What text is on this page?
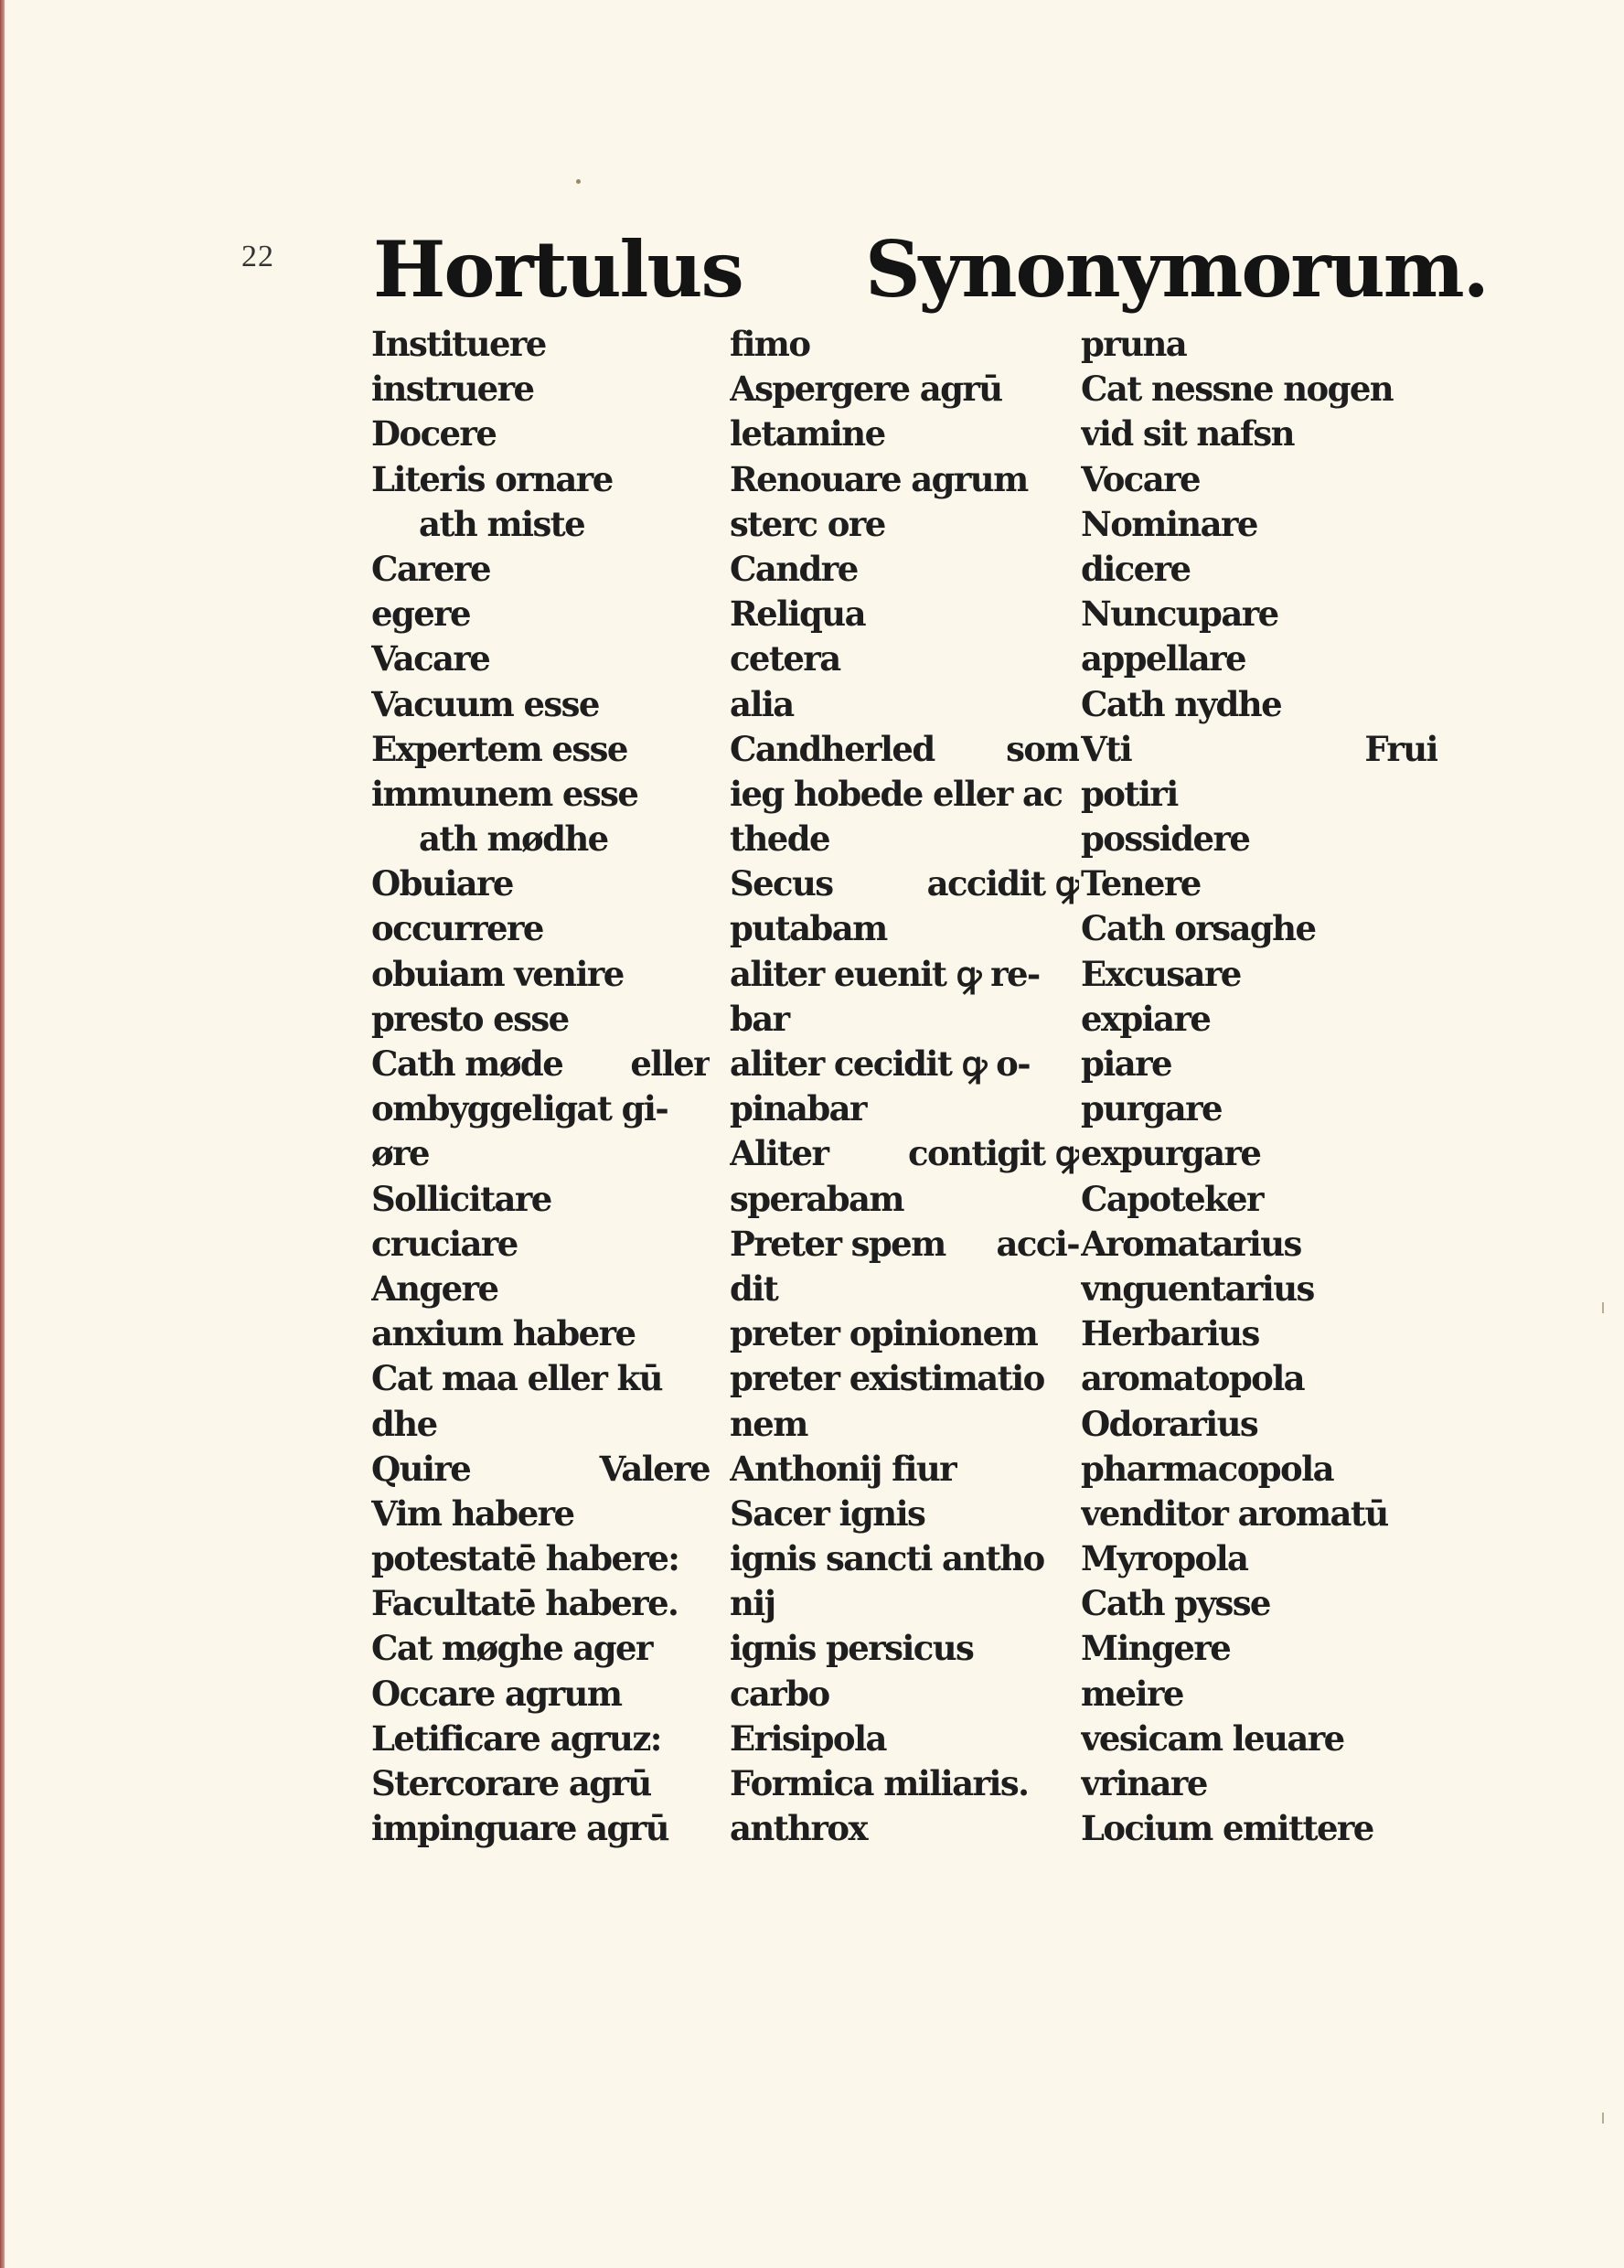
22 Hortulus Synonymorum.
Instituere
instruere
Docere
Literis ornare
ath miste
Carere
egere
Vacare
Vacuum esse
Expertem esse
immunem esse
ath mødhe
Obuiare
occurrere
obuiam venire
presto esse
Cath møde eller
ombyggeligat gi-
øre
Sollicitare
cruciare
Angere
anxium habere
Cat maa eller kū
dhe
Quire	Valere
Vim habere
potestatē habere:
Facultatē habere.
Cat møghe ager
Occare agrum
Letificare agruz:
Stercorare agrū
impinguare agrū
fimo
Aspergere agrū
letamine
Renouare agrum
sterc ore
Candre
Reliqua
cetera
alia
Candherled som
ieg hobede eller ac
thede
Secus	accidit ꝙ
putabam
aliter euenit ꝙ re-
bar
aliter cecidit ꝙ o-
pinabar
Aliter contigit ꝙ
sperabam
Preter spem acci-
dit
preter opinionem
preter existimatio
nem
Anthonij fiur
Sacer ignis
ignis sancti antho
nij
ignis persicus
carbo
Erisipola
Formica miliaris.
anthrox
pruna
Cat nessne nogen
vid sit nafsn
Vocare
Nominare
dicere
Nuncupare
appellare
Cath nydhe
Vti	Frui
potiri
possidere
Tenere
Cath orsaghe
Excusare
expiare
piare
purgare
expurgare
Capoteker
Aromatarius
vnguentarius
Herbarius
aromatopola
Odorarius
pharmacopola
venditor aromatū
Myropola
Cath pysse
Mingere
meire
vesicam leuare
vrinare
Locium emittere
